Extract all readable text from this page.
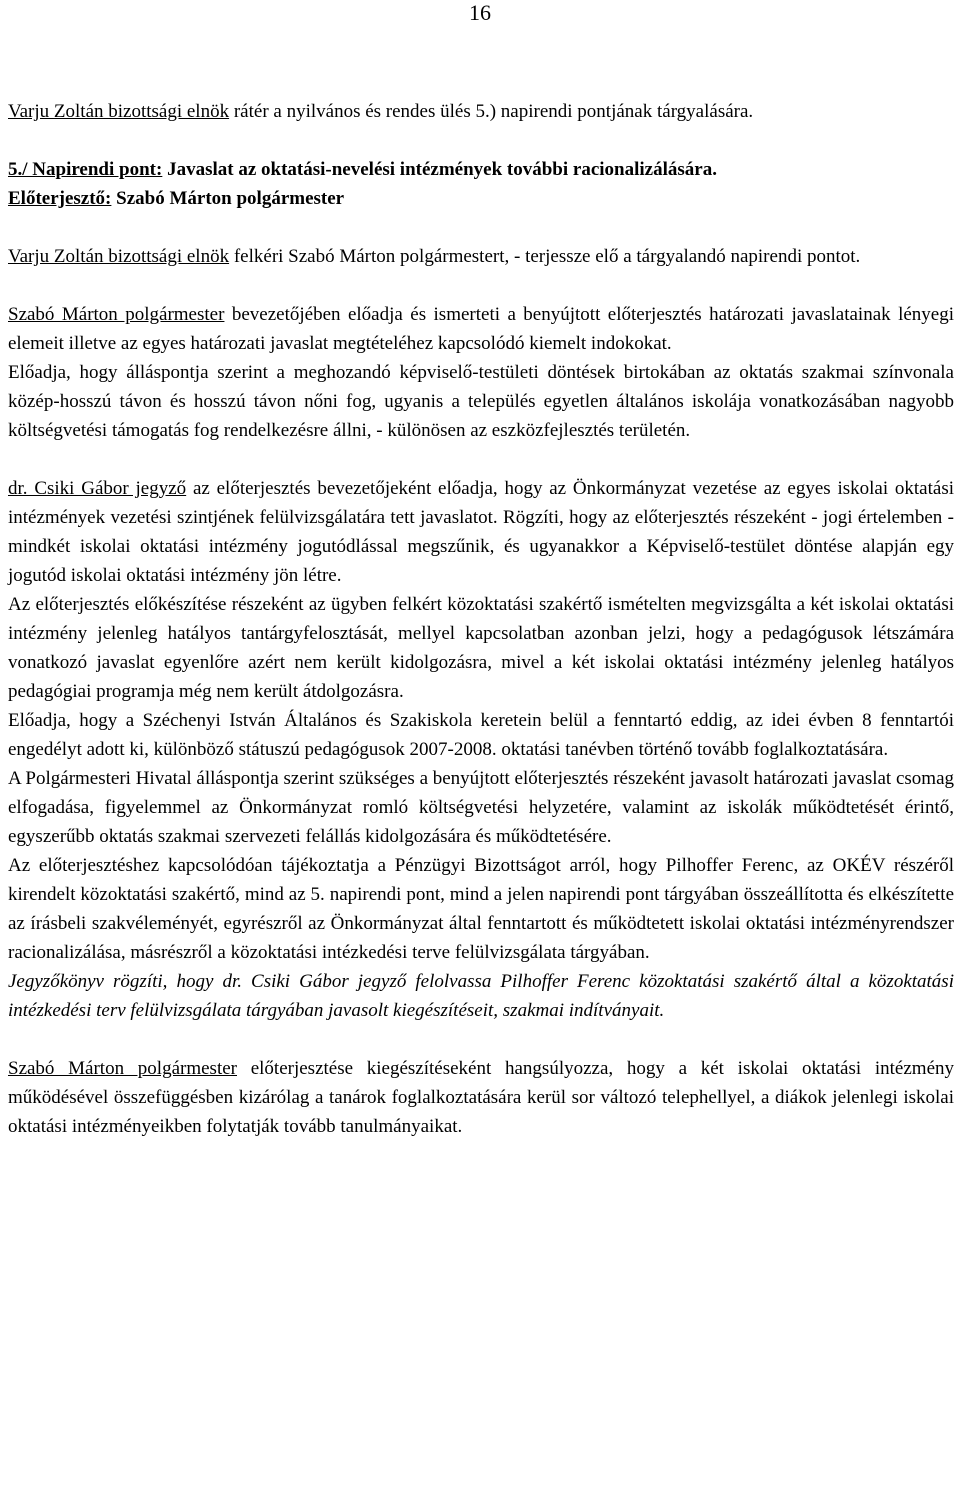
16

Varju Zoltán bizottsági elnök rátér a nyilvános és rendes ülés 5.) napirendi pontjának tárgyalására.

5./ Napirendi pont: Javaslat az oktatási-nevelési intézmények további racionalizálására.

Előterjesztő: Szabó Márton polgármester

Varju Zoltán bizottsági elnök felkéri Szabó Márton polgármestert, - terjessze elő a tárgyalandó napirendi pontot.

Szabó Márton polgármester bevezetőjében előadja és ismerteti a benyújtott előterjesztés határozati javaslatainak lényegi elemeit illetve az egyes határozati javaslat megtételéhez kapcsolódó kiemelt indokokat.

Előadja, hogy álláspontja szerint a meghozandó képviselő-testületi döntések birtokában az oktatás szakmai színvonala közép-hosszú távon és hosszú távon nőni fog, ugyanis a település egyetlen általános iskolája vonatkozásában nagyobb költségvetési támogatás fog rendelkezésre állni, - különösen az eszközfejlesztés területén.

dr. Csiki Gábor jegyző az előterjesztés bevezetőjeként előadja, hogy az Önkormányzat vezetése az egyes iskolai oktatási intézmények vezetési szintjének felülvizsgálatára tett javaslatot. Rögzíti, hogy az előterjesztés részeként - jogi értelemben - mindkét iskolai oktatási intézmény jogutódlással megszűnik, és ugyanakkor a Képviselő-testület döntése alapján egy jogutód iskolai oktatási intézmény jön létre.

Az előterjesztés előkészítése részeként az ügyben felkért közoktatási szakértő ismételten megvizsgálta a két iskolai oktatási intézmény jelenleg hatályos tantárgyfelosztását, mellyel kapcsolatban azonban jelzi, hogy a pedagógusok létszámára vonatkozó javaslat egyenlőre azért nem került kidolgozásra, mivel a két iskolai oktatási intézmény jelenleg hatályos pedagógiai programja még nem került átdolgozásra.

Előadja, hogy a Széchenyi István Általános és Szakiskola keretein belül a fenntartó eddig, az idei évben 8 fenntartói engedélyt adott ki, különböző státuszú pedagógusok 2007-2008. oktatási tanévben történő tovább foglalkoztatására.

A Polgármesteri Hivatal álláspontja szerint szükséges a benyújtott előterjesztés részeként javasolt határozati javaslat csomag elfogadása, figyelemmel az Önkormányzat romló költségvetési helyzetére, valamint az iskolák működtetését érintő, egyszerűbb oktatás szakmai szervezeti felállás kidolgozására és működtetésére.

Az előterjesztéshez kapcsolódóan tájékoztatja a Pénzügyi Bizottságot arról, hogy Pilhoffer Ferenc, az OKÉV részéről kirendelt közoktatási szakértő, mind az 5. napirendi pont, mind a jelen napirendi pont tárgyában összeállította és elkészítette az írásbeli szakvéleményét, egyrészről az Önkormányzat által fenntartott és működtetett iskolai oktatási intézményrendszer racionalizálása, másrészről a közoktatási intézkedési terve felülvizsgálata tárgyában.

Jegyzőkönyv rögzíti, hogy dr. Csiki Gábor jegyző felolvassa Pilhoffer Ferenc közoktatási szakértő által a közoktatási intézkedési terv felülvizsgálata tárgyában javasolt kiegészítéseit, szakmai indítványait.

Szabó Márton polgármester előterjesztése kiegészítéseként hangsúlyozza, hogy a két iskolai oktatási intézmény működésével összefüggésben kizárólag a tanárok foglalkoztatására kerül sor változó telephellyel, a diákok jelenlegi iskolai oktatási intézményeikben folytatják tovább tanulmányaikat.
